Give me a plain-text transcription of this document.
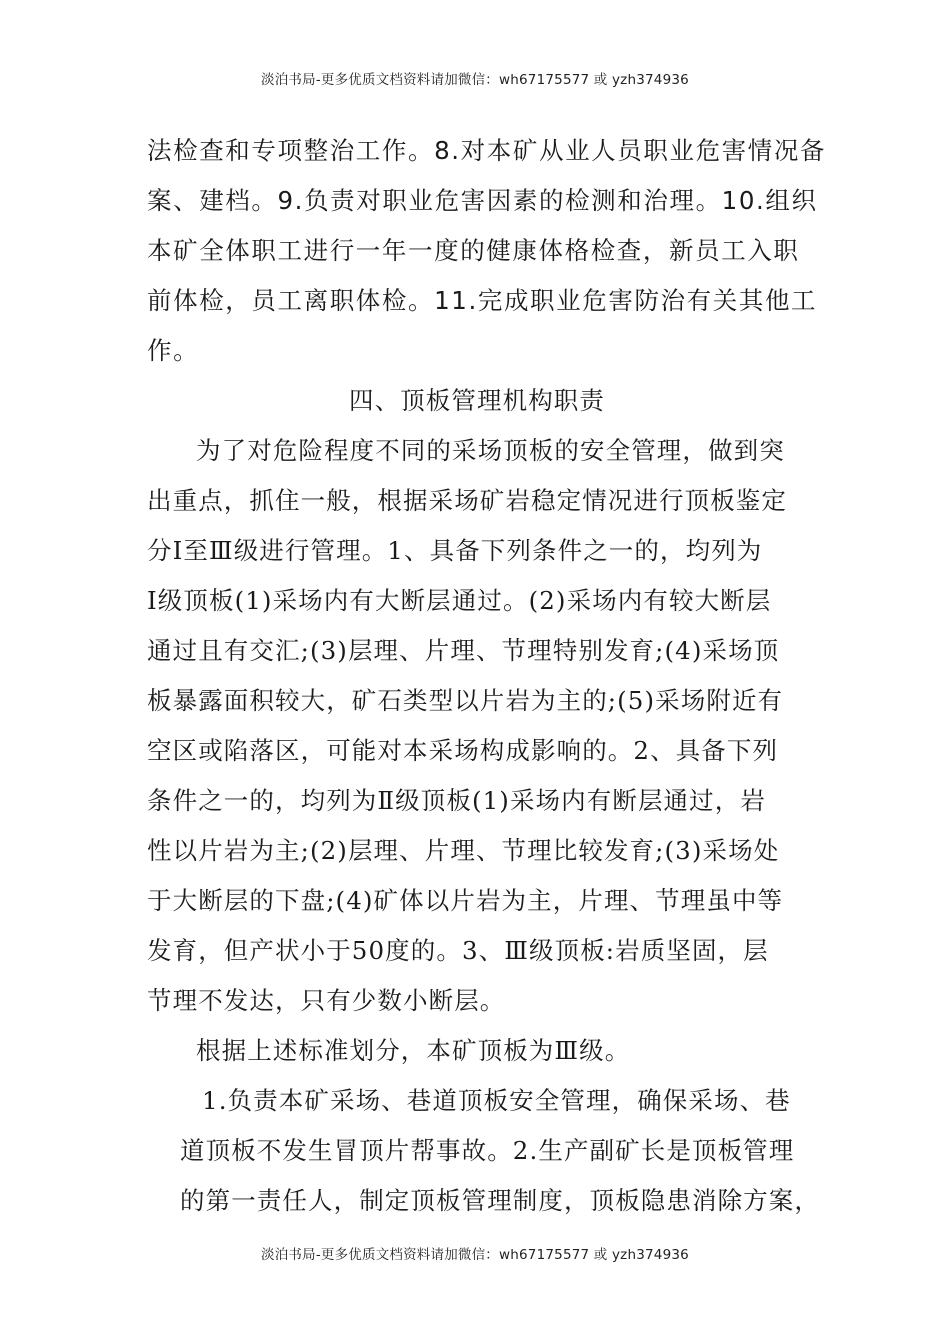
淡泊书局-更多优质文档资料请加微信：wh67175577 或 yzh374936
法检查和专项整治工作。8.对本矿从业人员职业危害情况备
案、建档。9.负责对职业危害因素的检测和治理。10.组织
本矿全体职工进行一年一度的健康体格检查，新员工入职
前体检，员工离职体检。11.完成职业危害防治有关其他工
作。
四、顶板管理机构职责
为了对危险程度不同的采场顶板的安全管理，做到突
出重点，抓住一般，根据采场矿岩稳定情况进行顶板鉴定
分Ⅰ至Ⅲ级进行管理。1、具备下列条件之一的，均列为
Ⅰ级顶板(1)采场内有大断层通过。(2)采场内有较大断层
通过且有交汇;(3)层理、片理、节理特别发育;(4)采场顶
板暴露面积较大，矿石类型以片岩为主的;(5)采场附近有
空区或陷落区，可能对本采场构成影响的。2、具备下列
条件之一的，均列为Ⅱ级顶板(1)采场内有断层通过，岩
性以片岩为主;(2)层理、片理、节理比较发育;(3)采场处
于大断层的下盘;(4)矿体以片岩为主，片理、节理虽中等
发育，但产状小于50度的。3、Ⅲ级顶板:岩质坚固，层
节理不发达，只有少数小断层。
根据上述标准划分，本矿顶板为Ⅲ级。
1.负责本矿采场、巷道顶板安全管理，确保采场、巷
道顶板不发生冒顶片帮事故。2.生产副矿长是顶板管理
的第一责任人，制定顶板管理制度，顶板隐患消除方案，
淡泊书局-更多优质文档资料请加微信：wh67175577 或 yzh374936
